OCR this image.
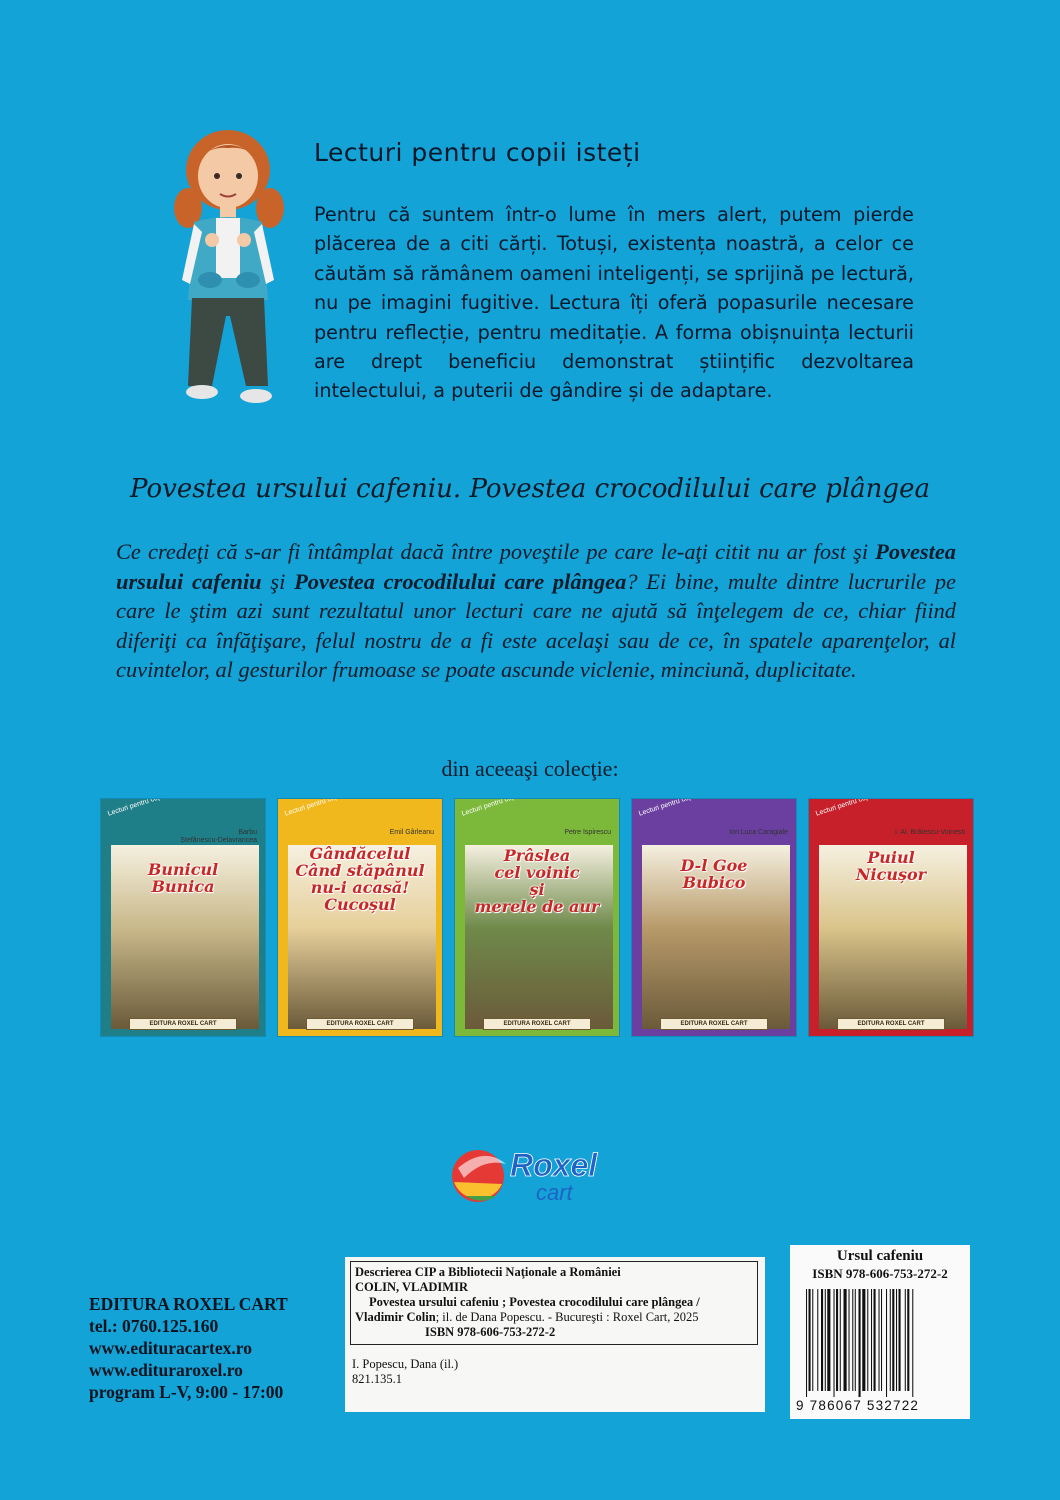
Lecturi pentru copii isteți
Pentru că suntem într-o lume în mers alert, putem pierde plăcerea de a citi cărți. Totuși, existența noastră, a celor ce căutăm să rămânem oameni inteligenți, se sprijină pe lectură, nu pe imagini fugitive. Lectura îți oferă popasurile necesare pentru reflecție, pentru meditație. A forma obișnuința lecturii are drept beneficiu demonstrat științific dezvoltarea intelectului, a puterii de gândire și de adaptare.
Povestea ursului cafeniu. Povestea crocodilului care plângea
Ce credeţi că s-ar fi întâmplat dacă între poveştile pe care le-aţi citit nu ar fost şi Povestea ursului cafeniu şi Povestea crocodilului care plângea? Ei bine, multe dintre lucrurile pe care le ştim azi sunt rezultatul unor lecturi care ne ajută să înţelegem de ce, chiar fiind diferiţi ca înfăţişare, felul nostru de a fi este acelaşi sau de ce, în spatele aparenţelor, al cuvintelor, al gesturilor frumoase se poate ascunde viclenie, minciună, duplicitate.
din aceeaşi colecţie:
Barbu
Ștefănescu-Delavrancea
Bunicul
Bunica
EDITURA ROXEL CART
Emil Gârleanu
Gândăcelul
Când stăpânul
nu-i acasă!
Cucoșul
EDITURA ROXEL CART
Petre Ispirescu
Prâslea
cel voinic
și
merele de aur
EDITURA ROXEL CART
Ion Luca Caragiale
D-l Goe
Bubico
EDITURA ROXEL CART
I. Al. Brătescu-Voinești
Puiul
Nicușor
EDITURA ROXEL CART
Roxel
cart
EDITURA ROXEL CART
tel.: 0760.125.160
www.edituracartex.ro
www.edituraroxel.ro
program L-V, 9:00 - 17:00
Descrierea CIP a Bibliotecii Naţionale a României
COLIN, VLADIMIR
Povestea ursului cafeniu ; Povestea crocodilului care plângea /
Vladimir Colin; il. de Dana Popescu. - Bucureşti : Roxel Cart, 2025
ISBN 978-606-753-272-2
I. Popescu, Dana (il.)
821.135.1
Ursul cafeniu
ISBN 978-606-753-272-2
9 786067 532722
